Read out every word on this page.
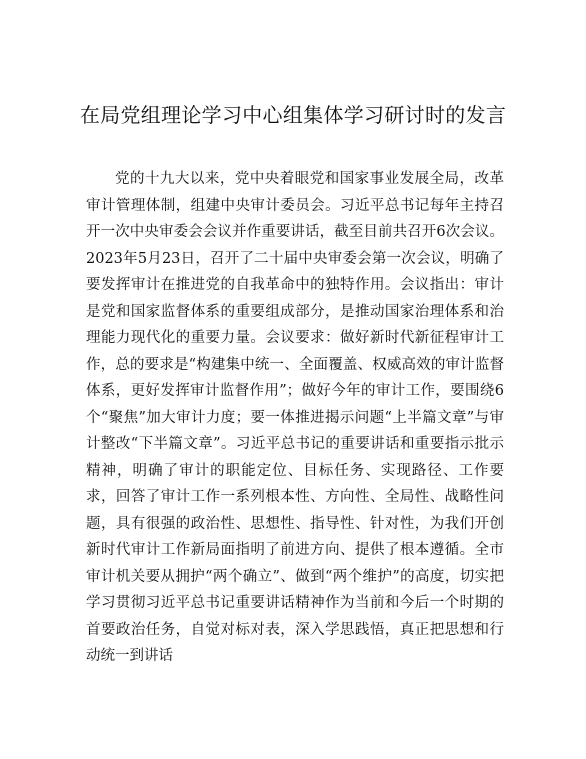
在局党组理论学习中心组集体学习研讨时的发言

党的十九大以来，党中央着眼党和国家事业发展全局，改革审计管理体制，组建中央审计委员会。习近平总书记每年主持召开一次中央审委会会议并作重要讲话，截至目前共召开6次会议。2023年5月23日，召开了二十届中央审委会第一次会议，明确了要发挥审计在推进党的自我革命中的独特作用。会议指出：审计是党和国家监督体系的重要组成部分，是推动国家治理体系和治理能力现代化的重要力量。会议要求：做好新时代新征程审计工作，总的要求是“构建集中统一、全面覆盖、权威高效的审计监督体系，更好发挥审计监督作用”；做好今年的审计工作，要围绕6个“聚焦”加大审计力度；要一体推进揭示问题“上半篇文章”与审计整改“下半篇文章”。习近平总书记的重要讲话和重要指示批示精神，明确了审计的职能定位、目标任务、实现路径、工作要求，回答了审计工作一系列根本性、方向性、全局性、战略性问题，具有很强的政治性、思想性、指导性、针对性，为我们开创新时代审计工作新局面指明了前进方向、提供了根本遵循。全市审计机关要从拥护“两个确立”、做到“两个维护”的高度，切实把学习贯彻习近平总书记重要讲话精神作为当前和今后一个时期的首要政治任务，自觉对标对表，深入学思践悟，真正把思想和行动统一到讲话
